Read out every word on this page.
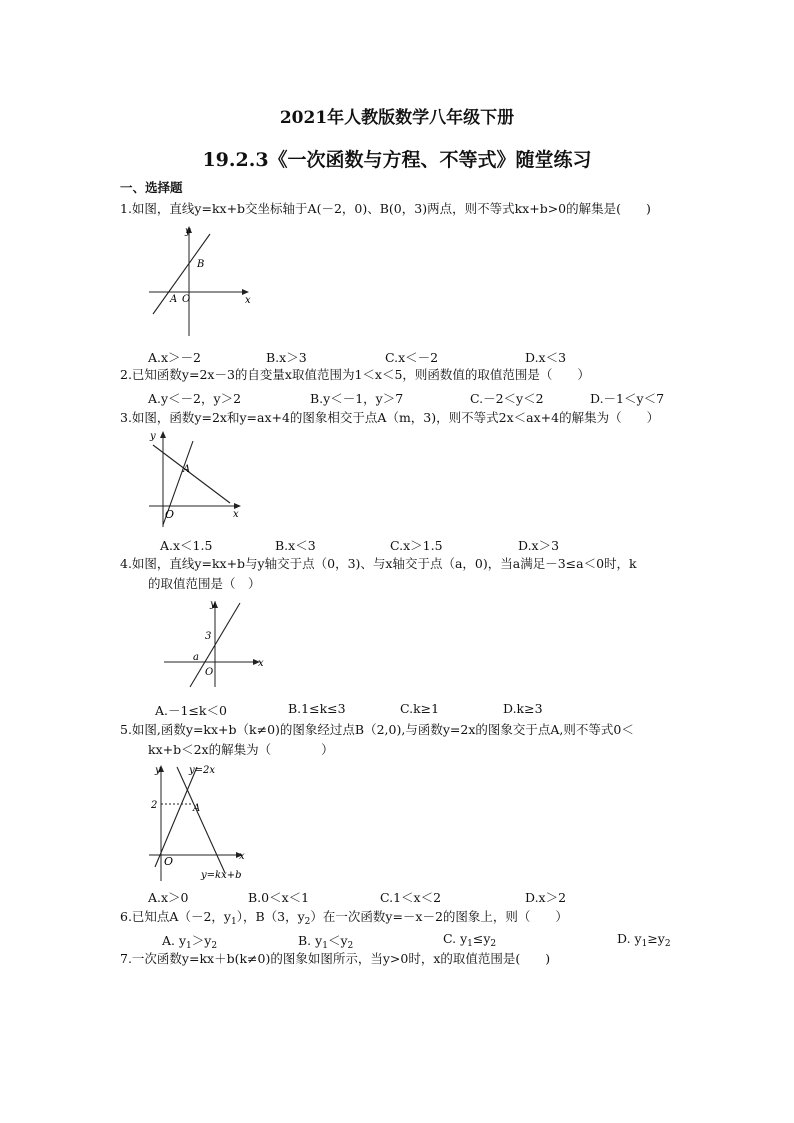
2021年人教版数学八年级下册
19.2.3《一次函数与方程、不等式》随堂练习
一、选择题
1.如图，直线y=kx+b交坐标轴于A(－2，0)、B(0，3)两点，则不等式kx+b>0的解集是(　　)
y
x
B
A O
A.x＞－2	B.x＞3	C.x＜－2	D.x＜3
2.已知函数y=2x－3的自变量x取值范围为1＜x＜5，则函数值的取值范围是（　　）
A.y＜－2，y＞2	B.y＜－1，y＞7	C.－2＜y＜2	D.－1＜y＜7
3.如图，函数y=2x和y=ax+4的图象相交于点A（m，3)，则不等式2x＜ax+4的解集为（　　）
y
x
A
O
A.x＜1.5	B.x＜3	C.x＞1.5	D.x＞3
4.如图，直线y=kx+b与y轴交于点（0，3)、与x轴交于点（a，0)，当a满足－3≤a＜0时，k
的取值范围是（　）
y
x
3
a
O
A.－1≤k＜0	B.1≤k≤3	C.k≥1	D.k≥3
5.如图,函数y=kx+b（k≠0)的图象经过点B（2,0),与函数y=2x的图象交于点A,则不等式0＜
kx+b＜2x的解集为（　　　　）
y	y=2x
x
2	A
O
y=kx+b
A.x＞0	B.0＜x＜1	C.1＜x＜2	D.x＞2
6.已知点A（－2，$y_1$），B（3，$y_2$）在一次函数y=－x－2的图象上，则（　　）
A. $y_1>y_2$	B. $y_1<y_2$	C. $y_1\le y_2$	D. $y_1\ge y_2$
7.一次函数y=kx＋b(k≠0)的图象如图所示，当y>0时，x的取值范围是(　　)
